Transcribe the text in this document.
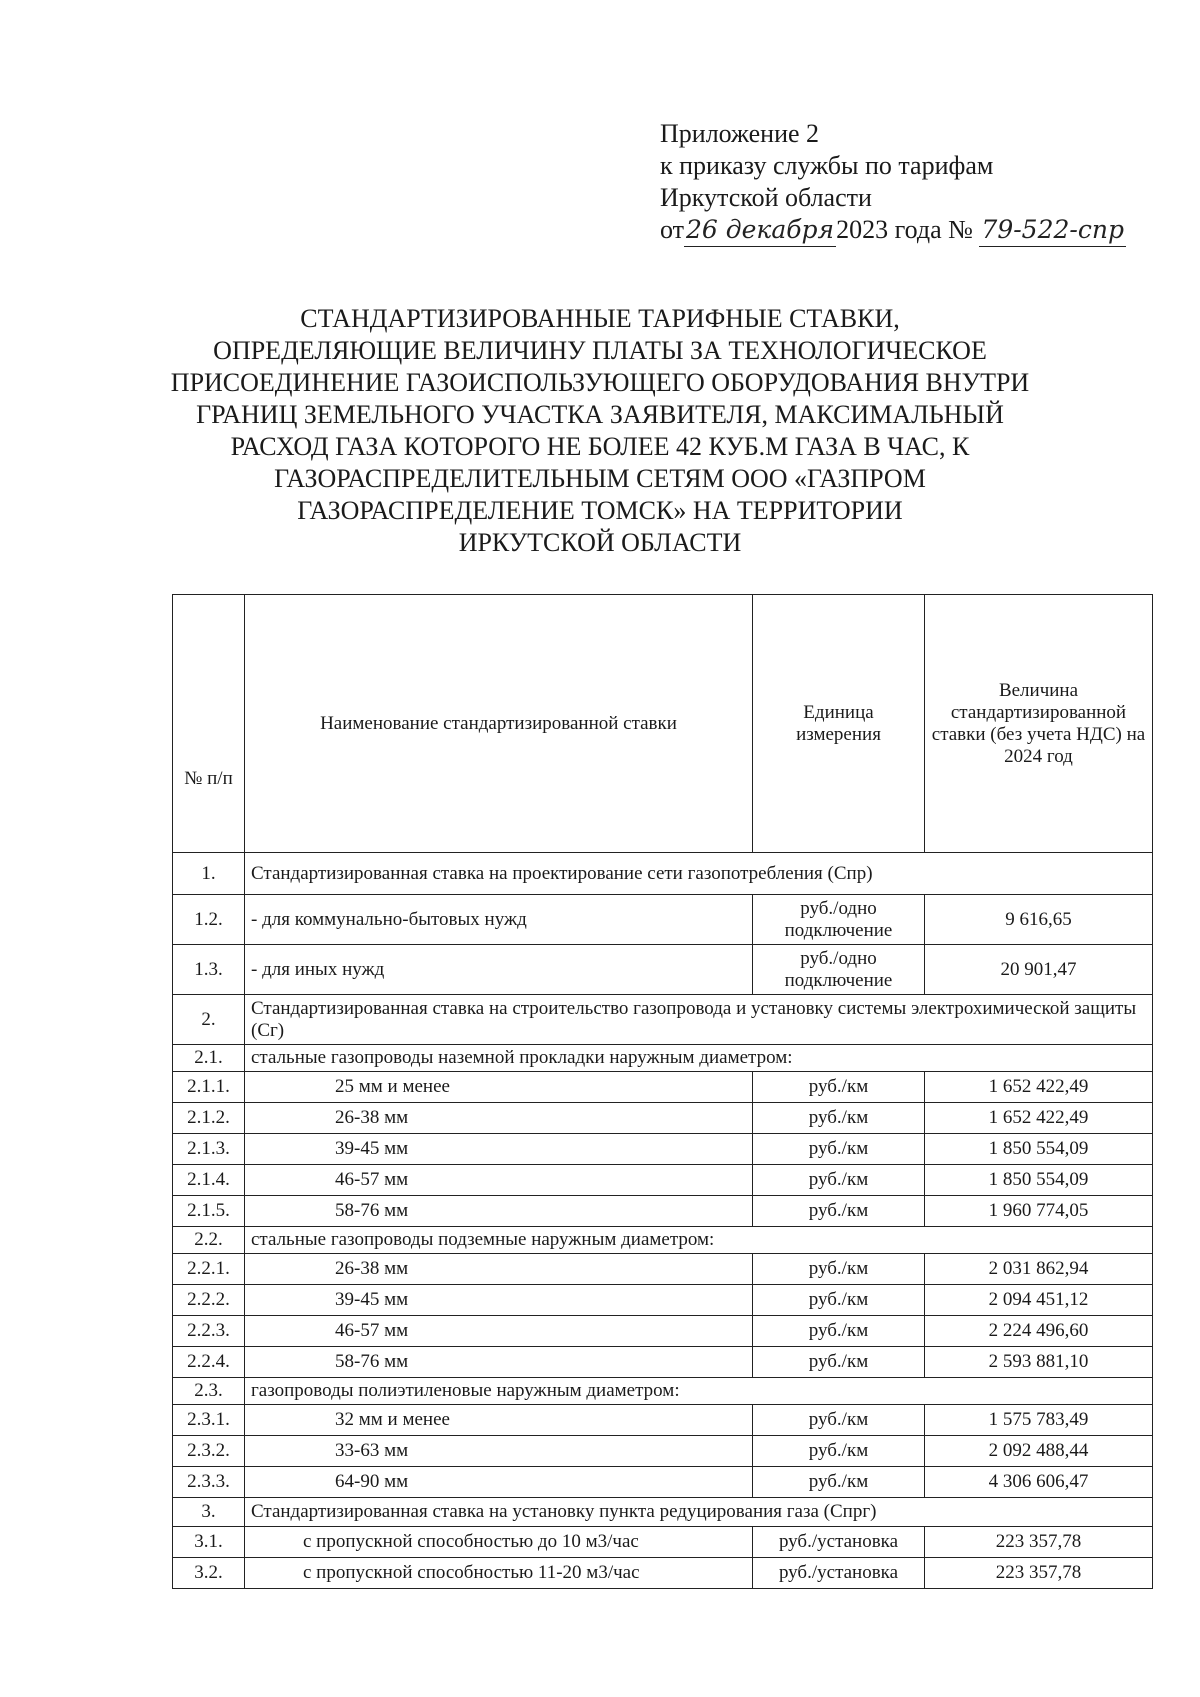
Приложение 2
к приказу службы по тарифам
Иркутской области
от26 декабря2023 года № 79-522-спр
СТАНДАРТИЗИРОВАННЫЕ ТАРИФНЫЕ СТАВКИ,
ОПРЕДЕЛЯЮЩИЕ ВЕЛИЧИНУ ПЛАТЫ ЗА ТЕХНОЛОГИЧЕСКОЕ
ПРИСОЕДИНЕНИЕ ГАЗОИСПОЛЬЗУЮЩЕГО ОБОРУДОВАНИЯ ВНУТРИ
ГРАНИЦ ЗЕМЕЛЬНОГО УЧАСТКА ЗАЯВИТЕЛЯ, МАКСИМАЛЬНЫЙ
РАСХОД ГАЗА КОТОРОГО НЕ БОЛЕЕ 42 КУБ.М ГАЗА В ЧАС, К
ГАЗОРАСПРЕДЕЛИТЕЛЬНЫМ СЕТЯМ ООО «ГАЗПРОМ
ГАЗОРАСПРЕДЕЛЕНИЕ ТОМСК» НА ТЕРРИТОРИИ
ИРКУТСКОЙ ОБЛАСТИ
№ п/п	Наименование стандартизированной ставки	Единица измерения	Величина стандартизированной ставки (без учета НДС) на 2024 год
1.	Стандартизированная ставка на проектирование сети газопотребления (Спр)		
1.2.	- для коммунально-бытовых нужд	руб./одно подключение	9 616,65
1.3.	- для иных нужд	руб./одно подключение	20 901,47
2.	Стандартизированная ставка на строительство газопровода и установку системы электрохимической защиты (Сг)		
2.1.	стальные газопроводы наземной прокладки наружным диаметром:		
2.1.1.	25 мм и менее	руб./км	1 652 422,49
2.1.2.	26-38 мм	руб./км	1 652 422,49
2.1.3.	39-45 мм	руб./км	1 850 554,09
2.1.4.	46-57 мм	руб./км	1 850 554,09
2.1.5.	58-76 мм	руб./км	1 960 774,05
2.2.	стальные газопроводы подземные наружным диаметром:		
2.2.1.	26-38 мм	руб./км	2 031 862,94
2.2.2.	39-45 мм	руб./км	2 094 451,12
2.2.3.	46-57 мм	руб./км	2 224 496,60
2.2.4.	58-76 мм	руб./км	2 593 881,10
2.3.	газопроводы полиэтиленовые наружным диаметром:		
2.3.1.	32 мм и менее	руб./км	1 575 783,49
2.3.2.	33-63 мм	руб./км	2 092 488,44
2.3.3.	64-90 мм	руб./км	4 306 606,47
3.	Стандартизированная ставка на установку пункта редуцирования газа (Спрг)		
3.1.	с пропускной способностью до 10 м3/час	руб./установка	223 357,78
3.2.	с пропускной способностью 11-20 м3/час	руб./установка	223 357,78
